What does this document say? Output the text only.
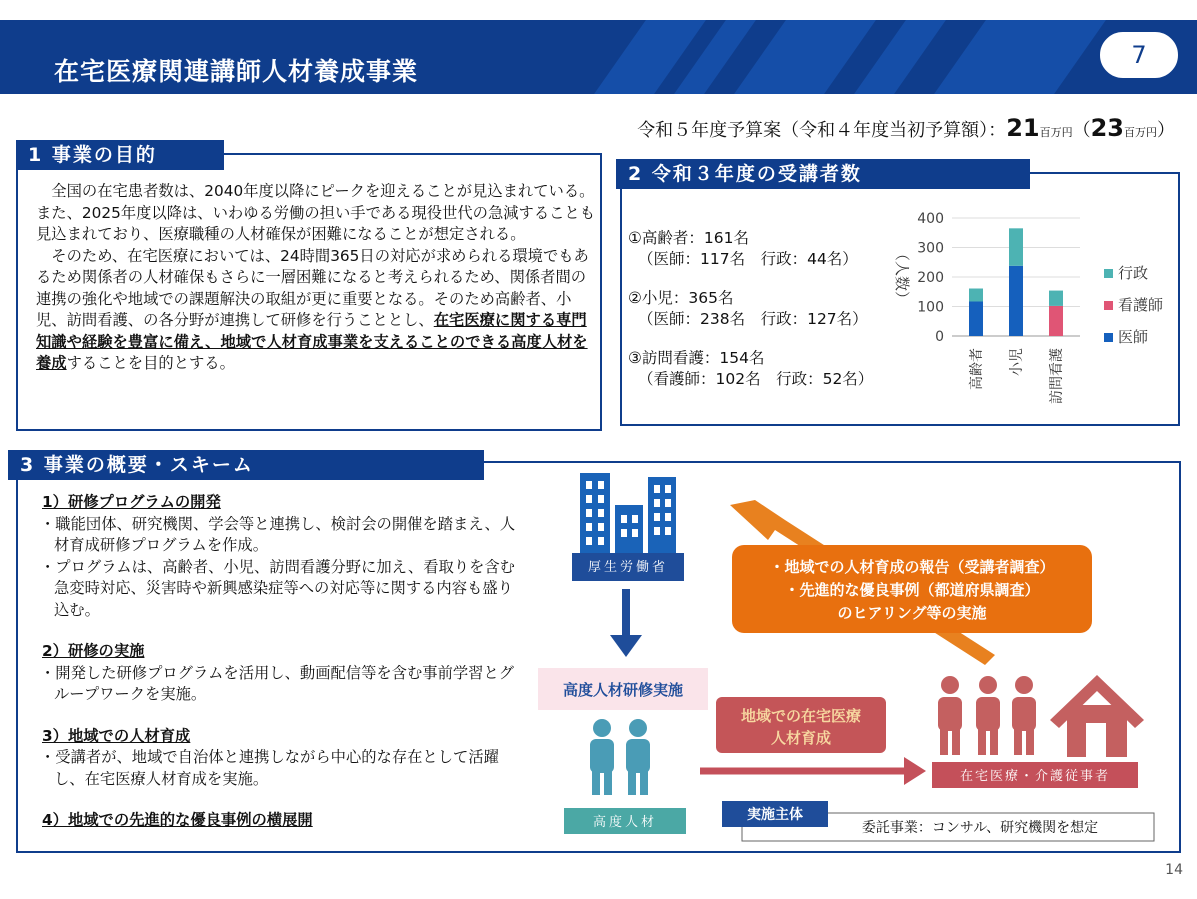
在宅医療関連講師人材養成事業
7
令和５年度予算案（令和４年度当初予算額）：21百万円（23百万円）
1 事業の目的

　全国の在宅患者数は、2040年度以降にピークを迎えることが見込まれている。また、2025年度以降は、いわゆる労働の担い手である現役世代の急減することも見込まれており、医療職種の人材確保が困難になることが想定される。

　そのため、在宅医療においては、24時間365日の対応が求められる環境でもあるため関係者の人材確保もさらに一層困難になると考えられるため、関係者間の連携の強化や地域での課題解決の取組が更に重要となる。そのため高齢者、小児、訪問看護、の各分野が連携して研修を行うこととし、在宅医療に関する専門知識や経験を豊富に備え、地域で人材育成事業を支えることのできる高度人材を養成することを目的とする。

2 令和３年度の受講者数
①高齢者：161名
（医師：117名　行政：44名）
②小児：365名
（医師：238名　行政：127名）
③訪問看護：154名
（看護師：102名　行政：52名）
0
100
200
300
400
高齢者 小児 訪問看護
（人数）	行政
看護師
医師
3 事業の概要・スキーム
1）研修プログラムの開発
・職能団体、研究機関、学会等と連携し、検討会の開催を踏まえ、人材育成研修プログラムを作成。
・プログラムは、高齢者、小児、訪問看護分野に加え、看取りを含む急変時対応、災害時や新興感染症等への対応等に関する内容も盛り込む。
2）研修の実施
・開発した研修プログラムを活用し、動画配信等を含む事前学習とグループワークを実施。
3）地域での人材育成
・受講者が、地域で自治体と連携しながら中心的な存在として活躍し、在宅医療人材育成を実施。
4）地域での先進的な優良事例の横展開
厚生労働省
高度人材研修実施
高度人材
・地域での人材育成の報告（受講者調査）
・先進的な優良事例（都道府県調査）
のヒアリング等の実施
地域での在宅医療
人材育成
在宅医療・介護従事者
委託事業：コンサル、研究機関を想定
実施主体
14
